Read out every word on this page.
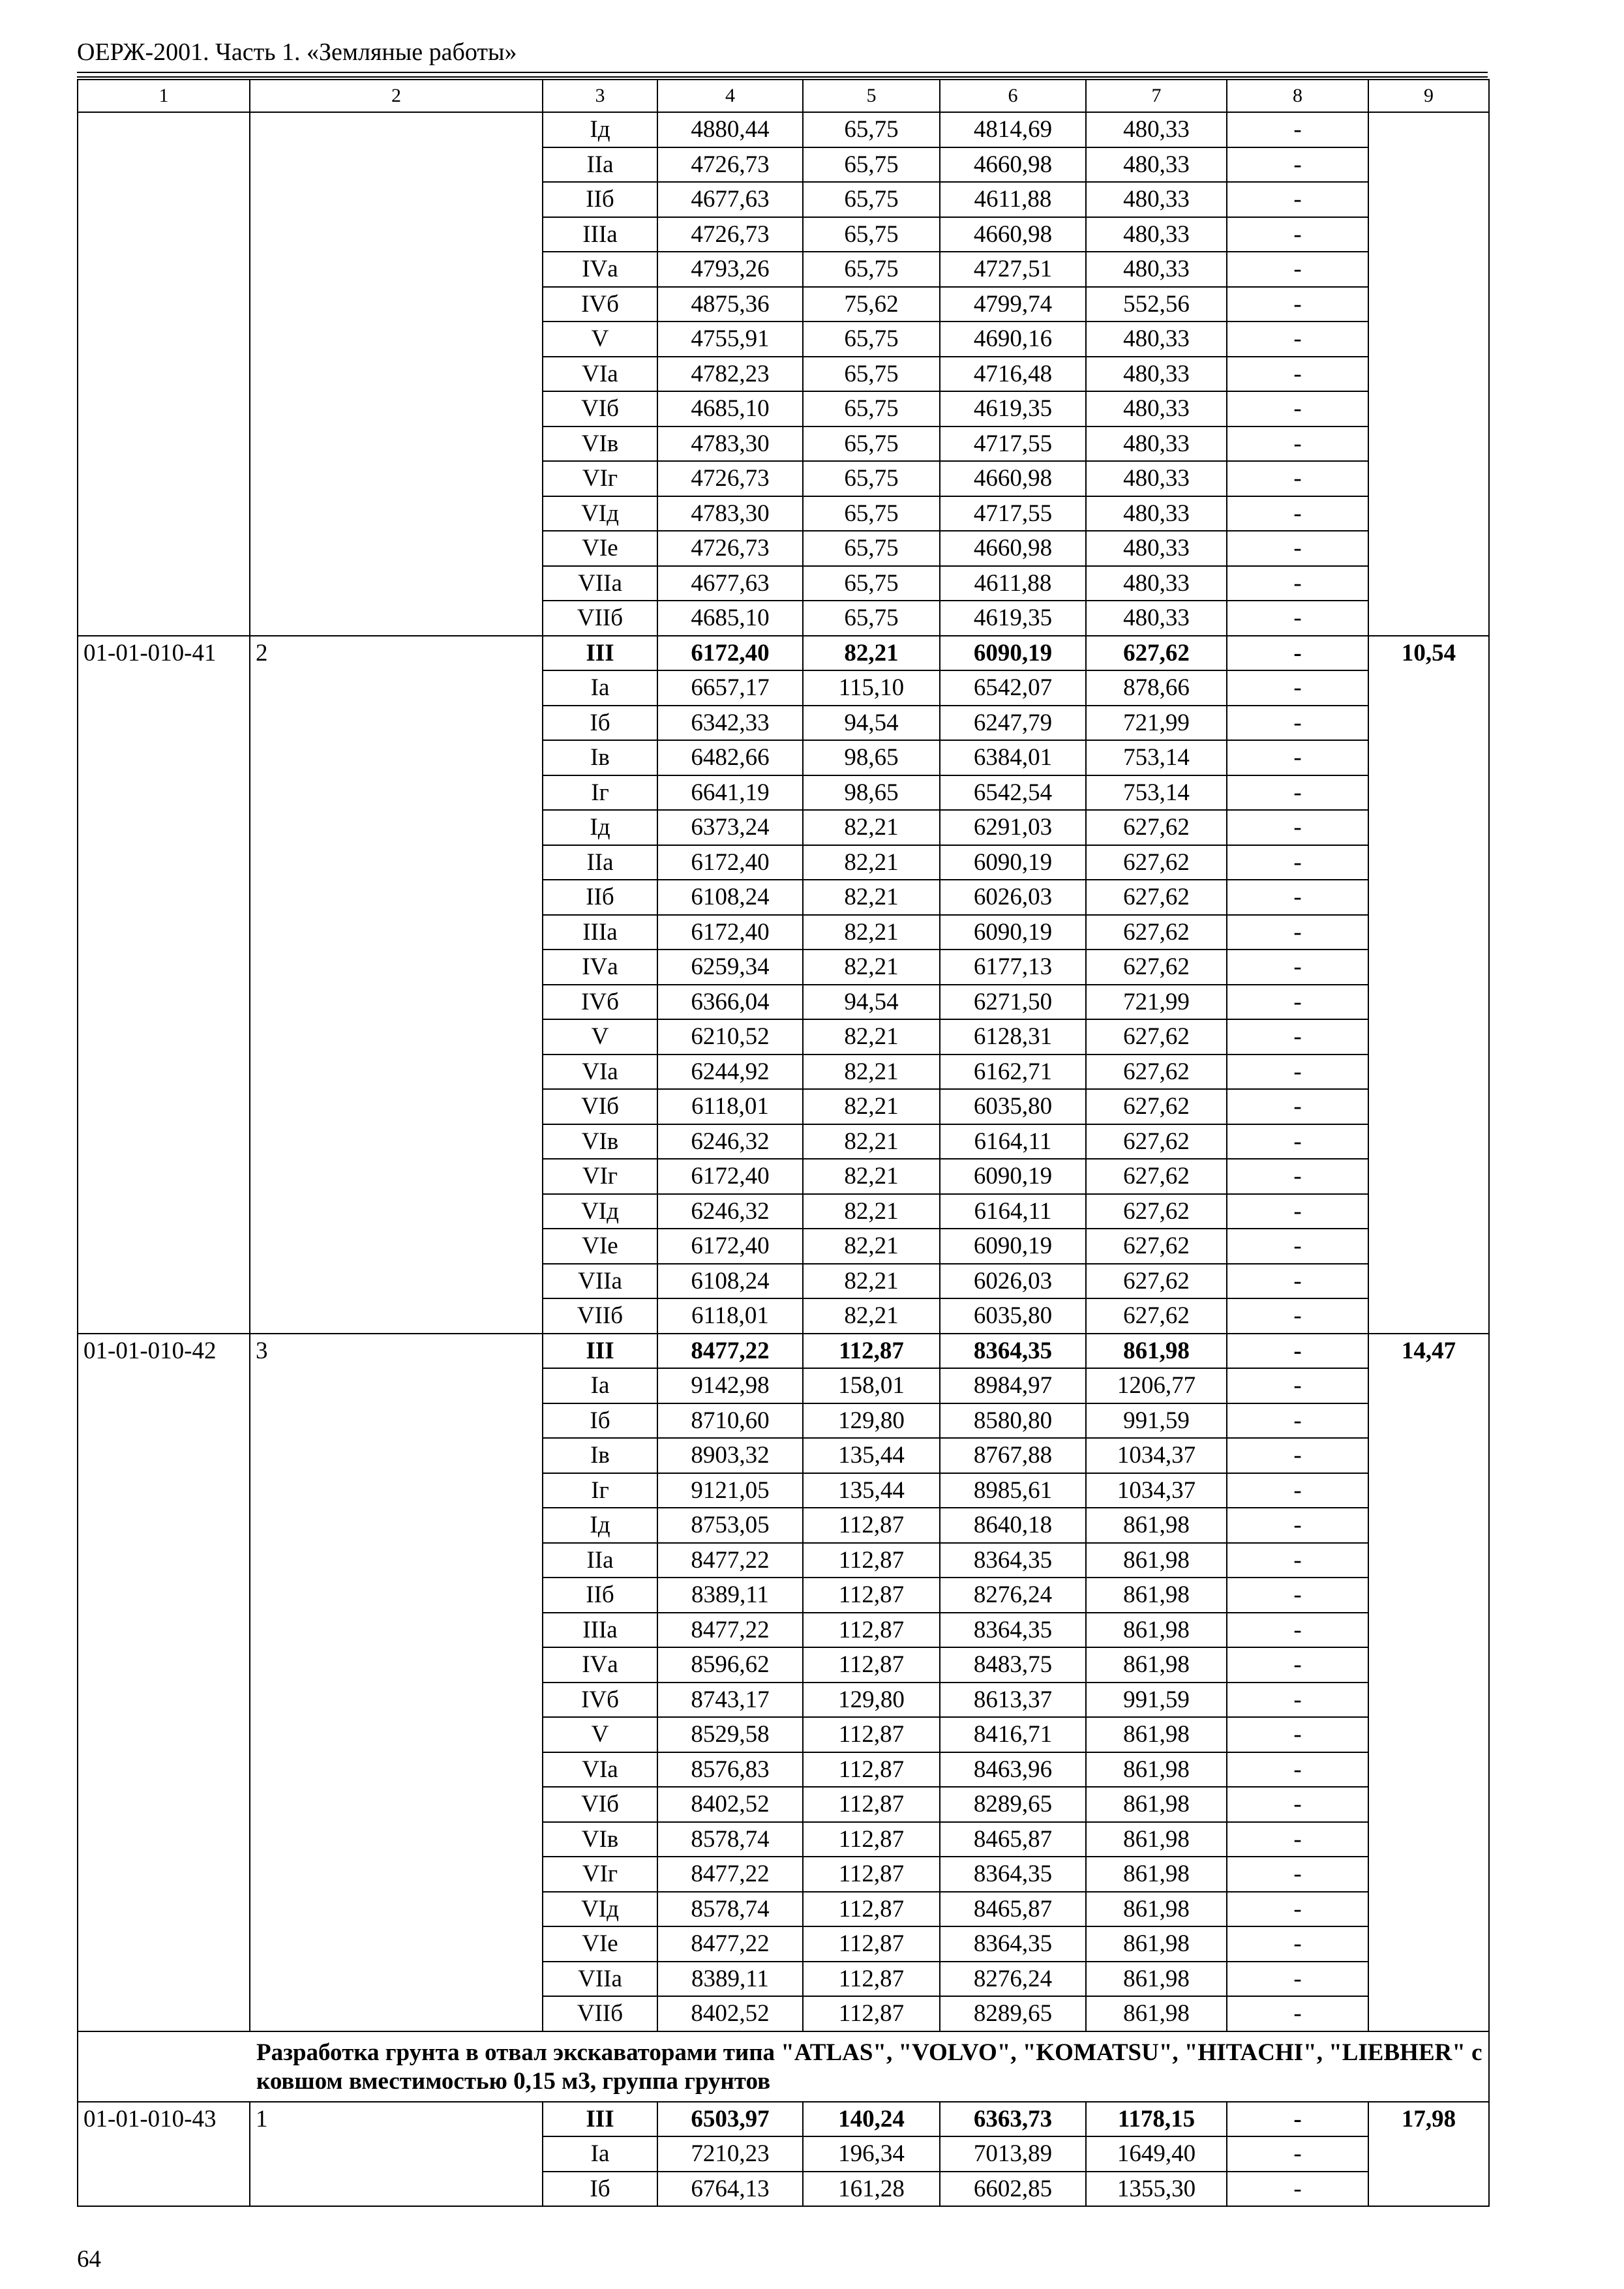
ОЕРЖ-2001. Часть 1. «Земляные работы»
1	2	3	4	5	6	7	8	9
		Iд	4880,44	65,75	4814,69	480,33	-	
		IIа	4726,73	65,75	4660,98	480,33	-	
		IIб	4677,63	65,75	4611,88	480,33	-	
		IIIа	4726,73	65,75	4660,98	480,33	-	
		IVа	4793,26	65,75	4727,51	480,33	-	
		IVб	4875,36	75,62	4799,74	552,56	-	
		V	4755,91	65,75	4690,16	480,33	-	
		VIа	4782,23	65,75	4716,48	480,33	-	
		VIб	4685,10	65,75	4619,35	480,33	-	
		VIв	4783,30	65,75	4717,55	480,33	-	
		VIг	4726,73	65,75	4660,98	480,33	-	
		VIд	4783,30	65,75	4717,55	480,33	-	
		VIе	4726,73	65,75	4660,98	480,33	-	
		VIIа	4677,63	65,75	4611,88	480,33	-	
		VIIб	4685,10	65,75	4619,35	480,33	-	
01-01-010-41	2	III	6172,40	82,21	6090,19	627,62	-	10,54
		Iа	6657,17	115,10	6542,07	878,66	-	
		Iб	6342,33	94,54	6247,79	721,99	-	
		Iв	6482,66	98,65	6384,01	753,14	-	
		Iг	6641,19	98,65	6542,54	753,14	-	
		Iд	6373,24	82,21	6291,03	627,62	-	
		IIа	6172,40	82,21	6090,19	627,62	-	
		IIб	6108,24	82,21	6026,03	627,62	-	
		IIIа	6172,40	82,21	6090,19	627,62	-	
		IVа	6259,34	82,21	6177,13	627,62	-	
		IVб	6366,04	94,54	6271,50	721,99	-	
		V	6210,52	82,21	6128,31	627,62	-	
		VIа	6244,92	82,21	6162,71	627,62	-	
		VIб	6118,01	82,21	6035,80	627,62	-	
		VIв	6246,32	82,21	6164,11	627,62	-	
		VIг	6172,40	82,21	6090,19	627,62	-	
		VIд	6246,32	82,21	6164,11	627,62	-	
		VIе	6172,40	82,21	6090,19	627,62	-	
		VIIа	6108,24	82,21	6026,03	627,62	-	
		VIIб	6118,01	82,21	6035,80	627,62	-	
01-01-010-42	3	III	8477,22	112,87	8364,35	861,98	-	14,47
		Iа	9142,98	158,01	8984,97	1206,77	-	
		Iб	8710,60	129,80	8580,80	991,59	-	
		Iв	8903,32	135,44	8767,88	1034,37	-	
		Iг	9121,05	135,44	8985,61	1034,37	-	
		Iд	8753,05	112,87	8640,18	861,98	-	
		IIа	8477,22	112,87	8364,35	861,98	-	
		IIб	8389,11	112,87	8276,24	861,98	-	
		IIIа	8477,22	112,87	8364,35	861,98	-	
		IVа	8596,62	112,87	8483,75	861,98	-	
		IVб	8743,17	129,80	8613,37	991,59	-	
		V	8529,58	112,87	8416,71	861,98	-	
		VIа	8576,83	112,87	8463,96	861,98	-	
		VIб	8402,52	112,87	8289,65	861,98	-	
		VIв	8578,74	112,87	8465,87	861,98	-	
		VIг	8477,22	112,87	8364,35	861,98	-	
		VIд	8578,74	112,87	8465,87	861,98	-	
		VIе	8477,22	112,87	8364,35	861,98	-	
		VIIа	8389,11	112,87	8276,24	861,98	-	
		VIIб	8402,52	112,87	8289,65	861,98	-	
Разработка грунта в отвал экскаваторами типа "ATLAS", "VOLVO", "KOMATSU", "HITACHI", "LIEBHER" с ковшом вместимостью 0,15 м3, группа грунтов								
01-01-010-43	1	III	6503,97	140,24	6363,73	1178,15	-	17,98
		Iа	7210,23	196,34	7013,89	1649,40	-	
		Iб	6764,13	161,28	6602,85	1355,30	-	
64
